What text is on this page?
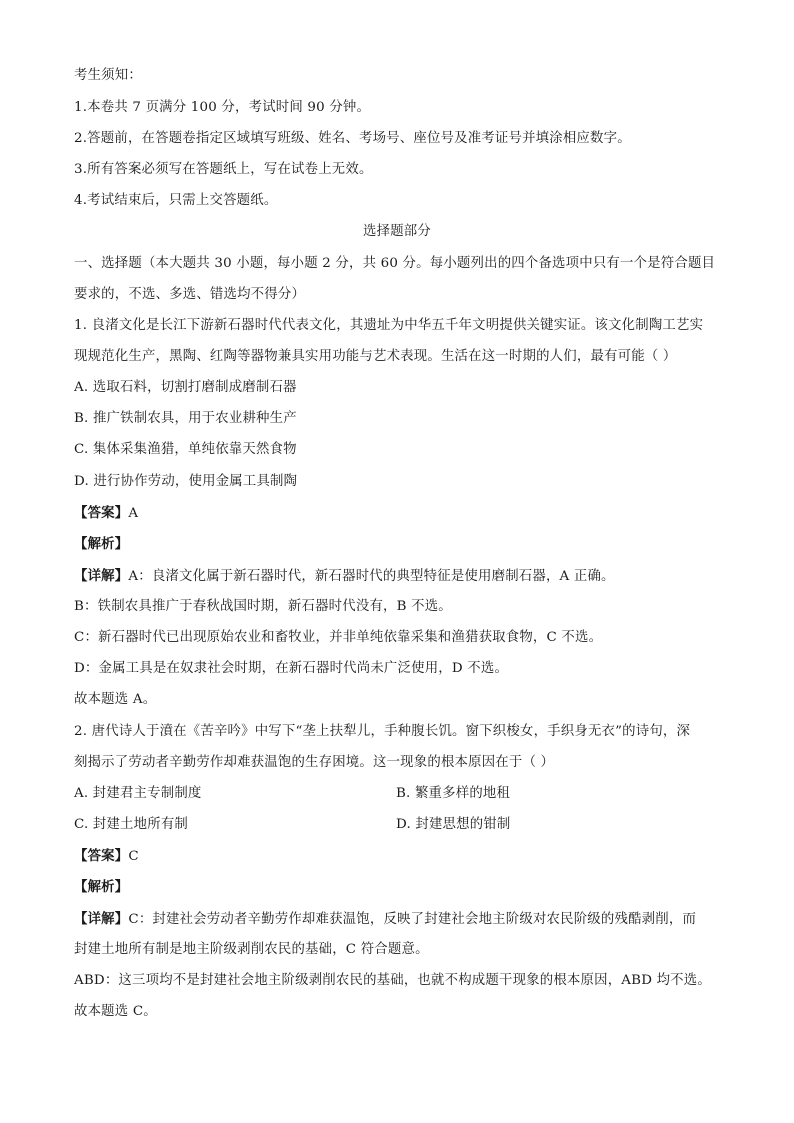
考生须知：
1.本卷共 7 页满分 100 分，考试时间 90 分钟。
2.答题前，在答题卷指定区域填写班级、姓名、考场号、座位号及准考证号并填涂相应数字。
3.所有答案必须写在答题纸上，写在试卷上无效。
4.考试结束后，只需上交答题纸。
选择题部分
一、选择题（本大题共 30 小题，每小题 2 分，共 60 分。每小题列出的四个备选项中只有一个是符合题目
要求的，不选、多选、错选均不得分）
1. 良渚文化是长江下游新石器时代代表文化，其遗址为中华五千年文明提供关键实证。该文化制陶工艺实
现规范化生产，黑陶、红陶等器物兼具实用功能与艺术表现。生活在这一时期的人们，最有可能（ ）
A. 选取石料，切割打磨制成磨制石器
B. 推广铁制农具，用于农业耕种生产
C. 集体采集渔猎，单纯依靠天然食物
D. 进行协作劳动，使用金属工具制陶
【答案】A
【解析】
【详解】A：良渚文化属于新石器时代，新石器时代的典型特征是使用磨制石器，A 正确。
B：铁制农具推广于春秋战国时期，新石器时代没有，B 不选。
C：新石器时代已出现原始农业和畜牧业，并非单纯依靠采集和渔猎获取食物，C 不选。
D：金属工具是在奴隶社会时期，在新石器时代尚未广泛使用，D 不选。
故本题选 A。
2. 唐代诗人于濆在《苦辛吟》中写下“垄上扶犁儿，手种腹长饥。窗下织梭女，手织身无衣”的诗句，深
刻揭示了劳动者辛勤劳作却难获温饱的生存困境。这一现象的根本原因在于（ ）
A. 封建君主专制制度	B. 繁重多样的地租
C. 封建土地所有制	D. 封建思想的钳制
【答案】C
【解析】
【详解】C：封建社会劳动者辛勤劳作却难获温饱，反映了封建社会地主阶级对农民阶级的残酷剥削，而
封建土地所有制是地主阶级剥削农民的基础，C 符合题意。
ABD：这三项均不是封建社会地主阶级剥削农民的基础，也就不构成题干现象的根本原因，ABD 均不选。
故本题选 C。
